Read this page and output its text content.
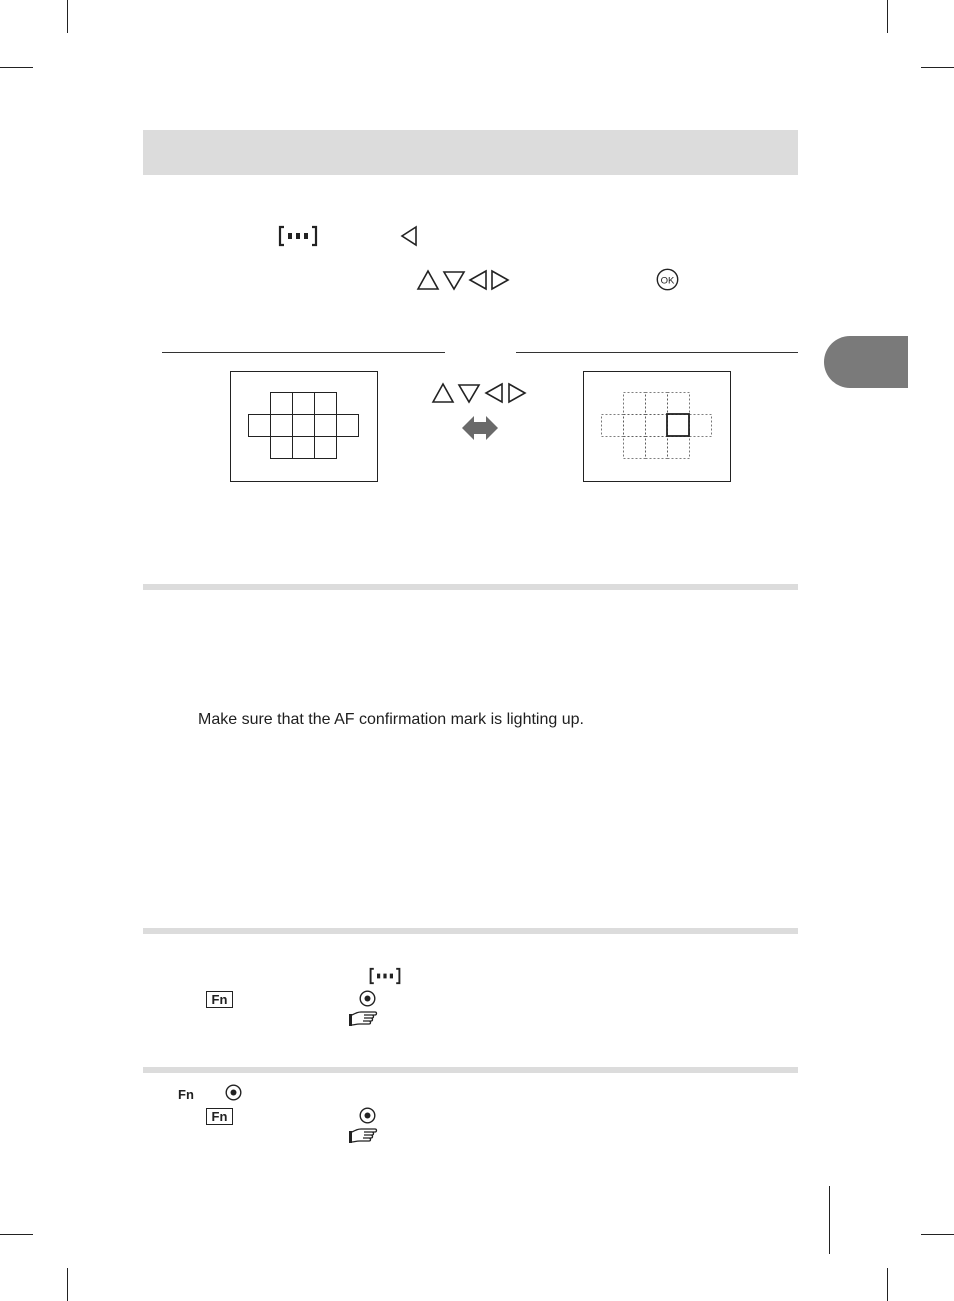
OK
Make sure that the AF confirmation mark is lighting up.
Fn
Fn
Fn
